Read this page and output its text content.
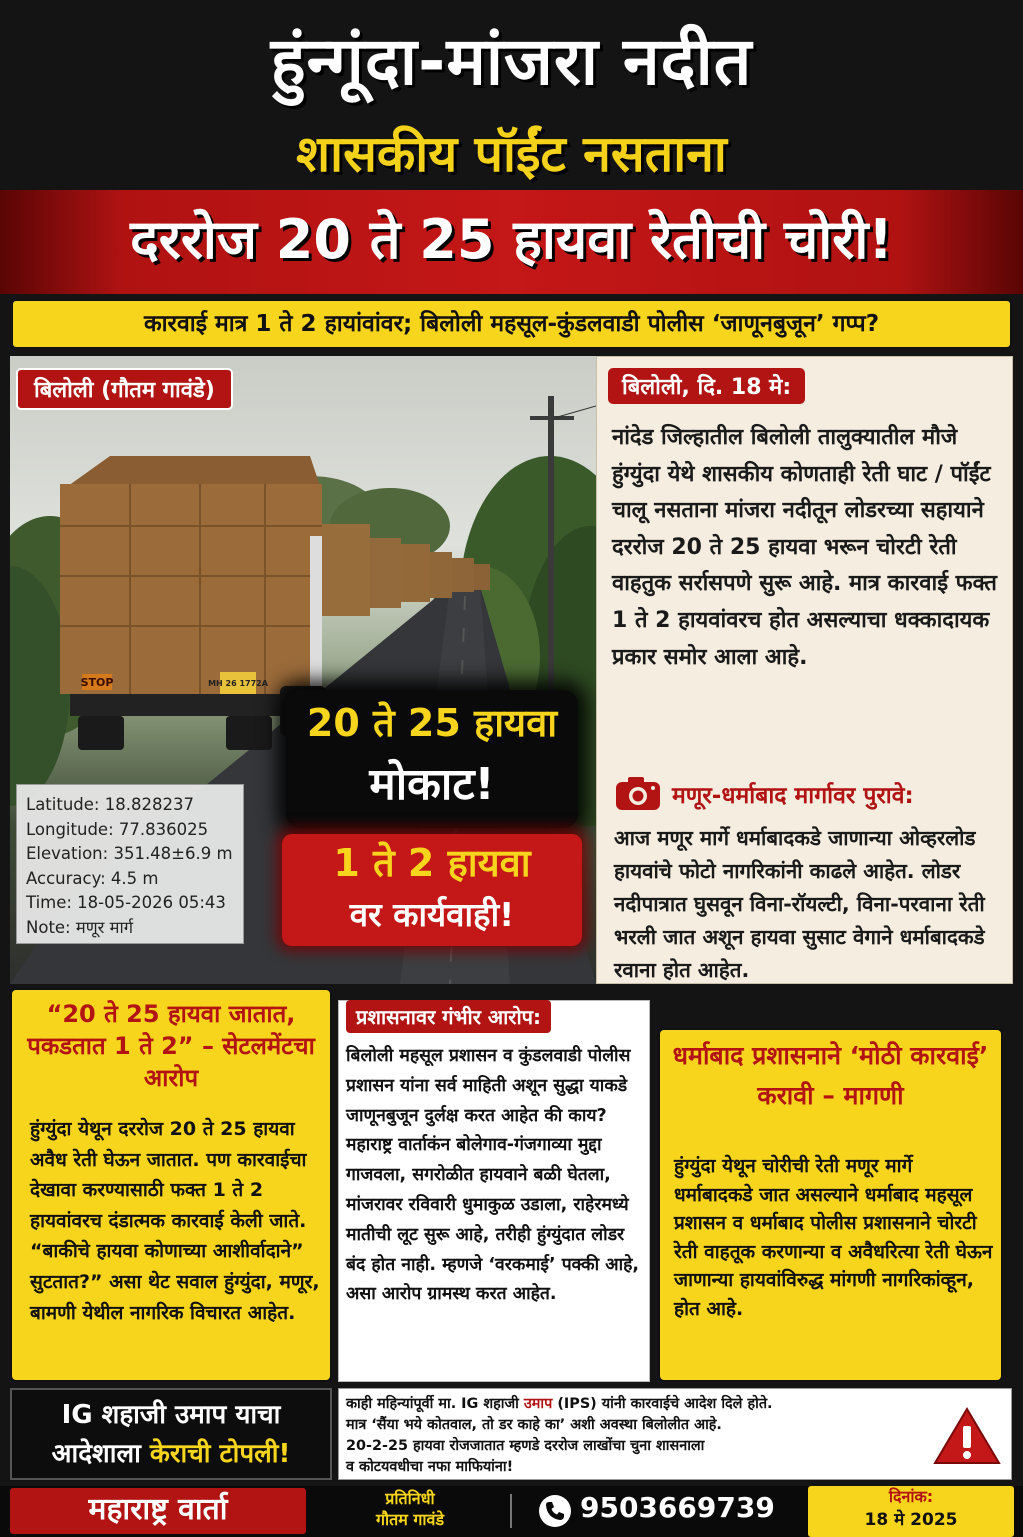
हुंन्गूंदा-मांजरा नदीत
शासकीय पॉईंट नसताना
दररोज 20 ते 25 हायवा रेतीची चोरी!
कारवाई मात्र 1 ते 2 हायांवांवर; बिलोली महसूल-कुंडलवाडी पोलीस ‘जाणूनबुजून’ गप्प?
STOP	MH 26 1772A
बिलोली (गौतम गावंडे)
Latitude: 18.828237
Longitude: 77.836025
Elevation: 351.48±6.9 m
Accuracy: 4.5 m
Time: 18-05-2026 05:43
Note: मणूर मार्ग
20 ते 25 हायवा
मोकाट!
1 ते 2 हायवा
वर कार्यवाही!
बिलोली, दि. 18 मे:
नांदेड जिल्हातील बिलोली तालुक्यातील मौजे हुंग्युंदा येथे शासकीय कोणताही रेती घाट / पॉईंट चालू नसताना मांजरा नदीतून लोडरच्या सहायाने दररोज 20 ते 25 हायवा भरून चोरटी रेती वाहतुक सर्रासपणे सुरू आहे. मात्र कारवाई फक्त 1 ते 2 हायवांवरच होत असल्याचा धक्कादायक प्रकार समोर आला आहे.
मणूर-धर्माबाद मार्गावर पुरावे:
आज मणूर मार्गे धर्माबादकडे जाणान्या ओव्हरलोड हायवांचे फोटो नागरिकांनी काढले आहेत. लोडर नदीपात्रात घुसवून विना-रॉयल्टी, विना-परवाना रेती भरली जात अशून हायवा सुसाट वेगाने धर्माबादकडे रवाना होत आहेत.
“20 ते 25 हायवा जातात, पकडतात 1 ते 2” – सेटलमेंटचा आरोप
हुंग्युंदा येथून दररोज 20 ते 25 हायवा अवैध रेती घेऊन जातात. पण कारवाईचा देखावा करण्यासाठी फक्त 1 ते 2 हायवांवरच दंडात्मक कारवाई केली जाते. “बाकीचे हायवा कोणाच्या आशीर्वादाने” सुटतात?” असा थेट सवाल हुंग्युंदा, मणूर, बामणी येथील नागरिक विचारत आहेत.
प्रशासनावर गंभीर आरोप:
बिलोली महसूल प्रशासन व कुंडलवाडी पोलीस प्रशासन यांना सर्व माहिती अशून सुद्धा याकडे जाणूनबुजून दुर्लक्ष करत आहेत की काय? महाराष्ट्र वार्ताकंन बोलेगाव-गंजगाव्या मुद्दा गाजवला, सगरोळीत हायवाने बळी घेतला, मांजरावर रविवारी धुमाकुळ उडाला, राहेरमध्ये मातीची लूट सुरू आहे, तरीही हुंग्युंदात लोडर बंद होत नाही. म्हणजे ‘वरकमाई’ पक्की आहे, असा आरोप ग्रामस्थ करत आहेत.
धर्माबाद प्रशासनाने ‘मोठी कारवाई’ करावी – मागणी
हुंग्युंदा येथून चोरीची रेती मणूर मार्गे धर्माबादकडे जात असल्याने धर्माबाद महसूल प्रशासन व धर्माबाद पोलीस प्रशासनाने चोरटी रेती वाहतूक करणान्या व अवैधरित्या रेती घेऊन जाणान्या हायवांविरुद्ध मांगणी नागरिकांव्हून, होत आहे.
IG शहाजी उमाप याचा
आदेशाला केराची टोपली!
काही महिन्यांपूर्वी मा. IG शहाजी उमाप (IPS) यांनी कारवाईचे आदेश दिले होते.
मात्र ‘सैंया भये कोतवाल, तो डर काहे का’ अशी अवस्था बिलोलीत आहे.
20-2-25 हायवा रोजजातात म्हणडे दररोज लाखोंचा चुना शासनाला
व कोटयवधीचा नफा माफियांना!
महाराष्ट्र वार्ता	प्रतिनिधी
गौतम गावंडे	9503669739	दिनांक:
18 मे 2025
ChatGPT
